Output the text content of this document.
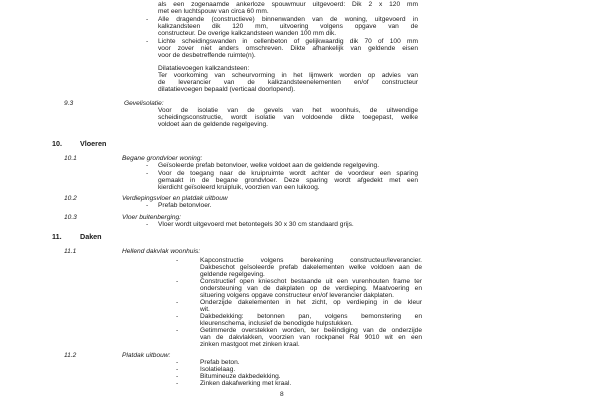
als een zogenaamde ankerloze spouwmuur uitgevoerd: Dik 2 x 120 mm
met een luchtspouw van circa 60 mm.
- Alle dragende (constructieve) binnenwanden van de woning, uitgevoerd in
kalkzandsteen dik 120 mm, uitvoering volgens opgave van de
constructeur. De overige kalkzandsteen wanden 100 mm dik.
- Lichte scheidingswanden in cellenbeton of gelijkwaardig dik 70 of 100 mm
voor zover niet anders omschreven. Dikte afhankelijk van geldende eisen
voor de desbetreffende ruimte(n).
Dilatatievoegen kalkzandsteen:
Ter voorkoming van scheurvorming in het lijmwerk worden op advies van
de leverancier van de kalkzandsteenelementen en/of constructeur
dilatatievoegen bepaald (verticaal doorlopend).
9.3	Gevelisolatie:
Voor de isolatie van de gevels van het woonhuis, de uitwendige
scheidingsconstructie, wordt isolatie van voldoende dikte toegepast, welke
voldoet aan de geldende regelgeving.
10.	Vloeren
10.1	Begane grondvloer woning:
- Geïsoleerde prefab betonvloer, welke voldoet aan de geldende regelgeving.
- Voor de toegang naar de kruipruimte wordt achter de voordeur een sparing
gemaakt in de begane grondvloer. Deze sparing wordt afgedekt met een
kierdicht geïsoleerd kruipluik, voorzien van een luikoog.
10.2	Verdiepingsvloer en platdak uitbouw
- Prefab betonvloer.
10.3	Vloer buitenberging:
- Vloer wordt uitgevoerd met betontegels 30 x 30 cm standaard grijs.
11.	Daken
11.1	Hellend dakvlak woonhuis:
-	Kapconstructie volgens berekening constructeur/leverancier.
Dakbeschot geïsoleerde prefab dakelementen welke voldoen aan de
geldende regelgeving.
-	Constructief open knieschot bestaande uit een vurenhouten frame ter
ondersteuning van de dakplaten op de verdieping. Maatvoering en
situering volgens opgave constructeur en/of leverancier dakplaten.
-	Onderzijde dakelementen in het zicht, op verdieping in de kleur
wit.
-	Dakbedekking: betonnen pan, volgens bemonstering en
kleurenschema, inclusief de benodigde hulpstukken.
-	Getimmerde overstekken worden, ter beëindiging van de onderzijde
van de dakvlakken, voorzien van rockpanel Ral 9010 wit en een
zinken mastgoot met zinken kraal.
11.2	Platdak uitbouw:
-	Prefab beton.
-	Isolatielaag.
-	Bitumineuze dakbedekking.
-	Zinken dakafwerking met kraal.
8
